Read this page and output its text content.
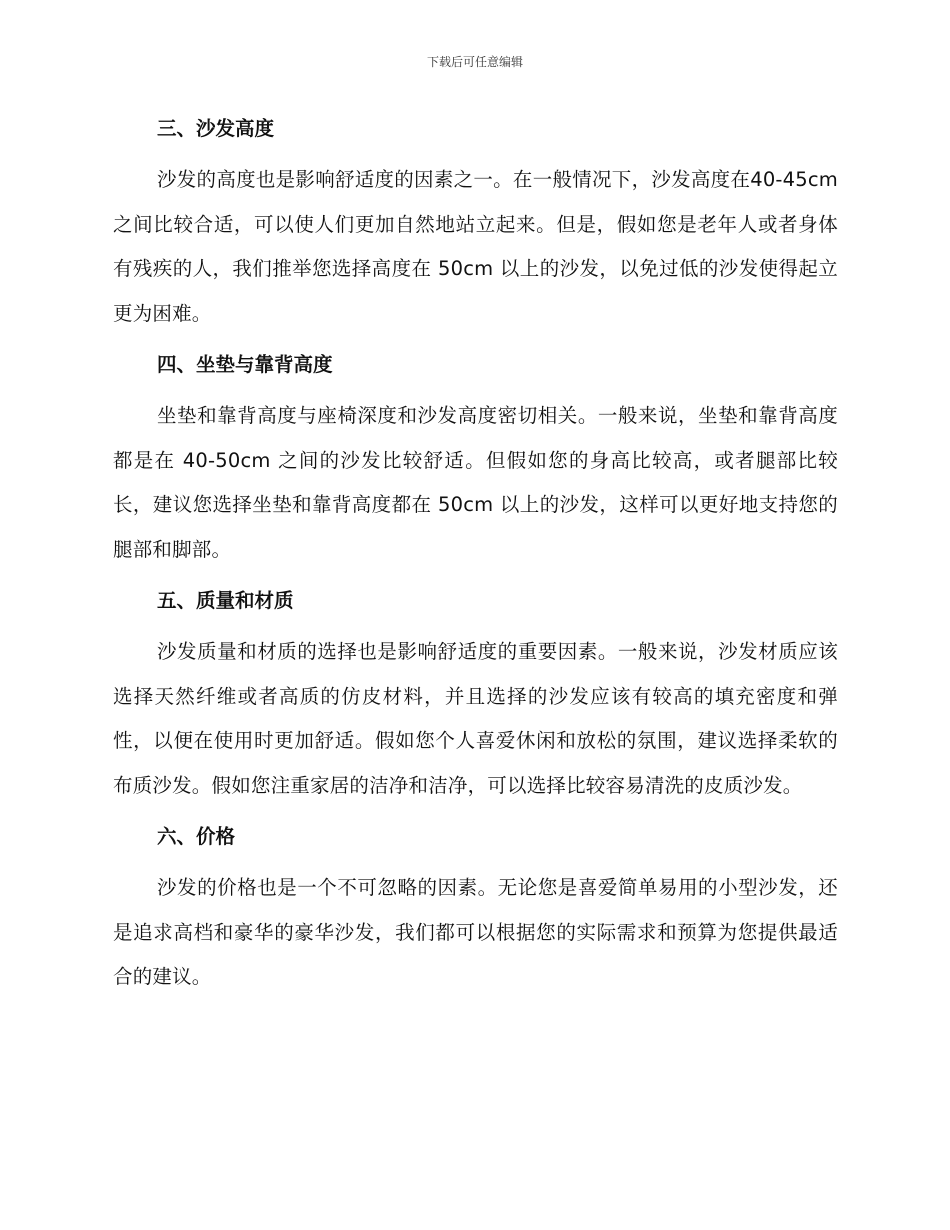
下载后可任意编辑
三、沙发高度

沙发的高度也是影响舒适度的因素之一。在一般情况下，沙发高度在40-45cm 之间比较合适，可以使人们更加自然地站立起来。但是，假如您是老年人或者身体有残疾的人，我们推举您选择高度在 50cm 以上的沙发，以免过低的沙发使得起立更为困难。

四、坐垫与靠背高度

坐垫和靠背高度与座椅深度和沙发高度密切相关。一般来说，坐垫和靠背高度都是在 40-50cm 之间的沙发比较舒适。但假如您的身高比较高，或者腿部比较长，建议您选择坐垫和靠背高度都在 50cm 以上的沙发，这样可以更好地支持您的腿部和脚部。

五、质量和材质

沙发质量和材质的选择也是影响舒适度的重要因素。一般来说，沙发材质应该选择天然纤维或者高质的仿皮材料，并且选择的沙发应该有较高的填充密度和弹性，以便在使用时更加舒适。假如您个人喜爱休闲和放松的氛围，建议选择柔软的布质沙发。假如您注重家居的洁净和洁净，可以选择比较容易清洗的皮质沙发。

六、价格

沙发的价格也是一个不可忽略的因素。无论您是喜爱简单易用的小型沙发，还是追求高档和豪华的豪华沙发，我们都可以根据您的实际需求和预算为您提供最适合的建议。
